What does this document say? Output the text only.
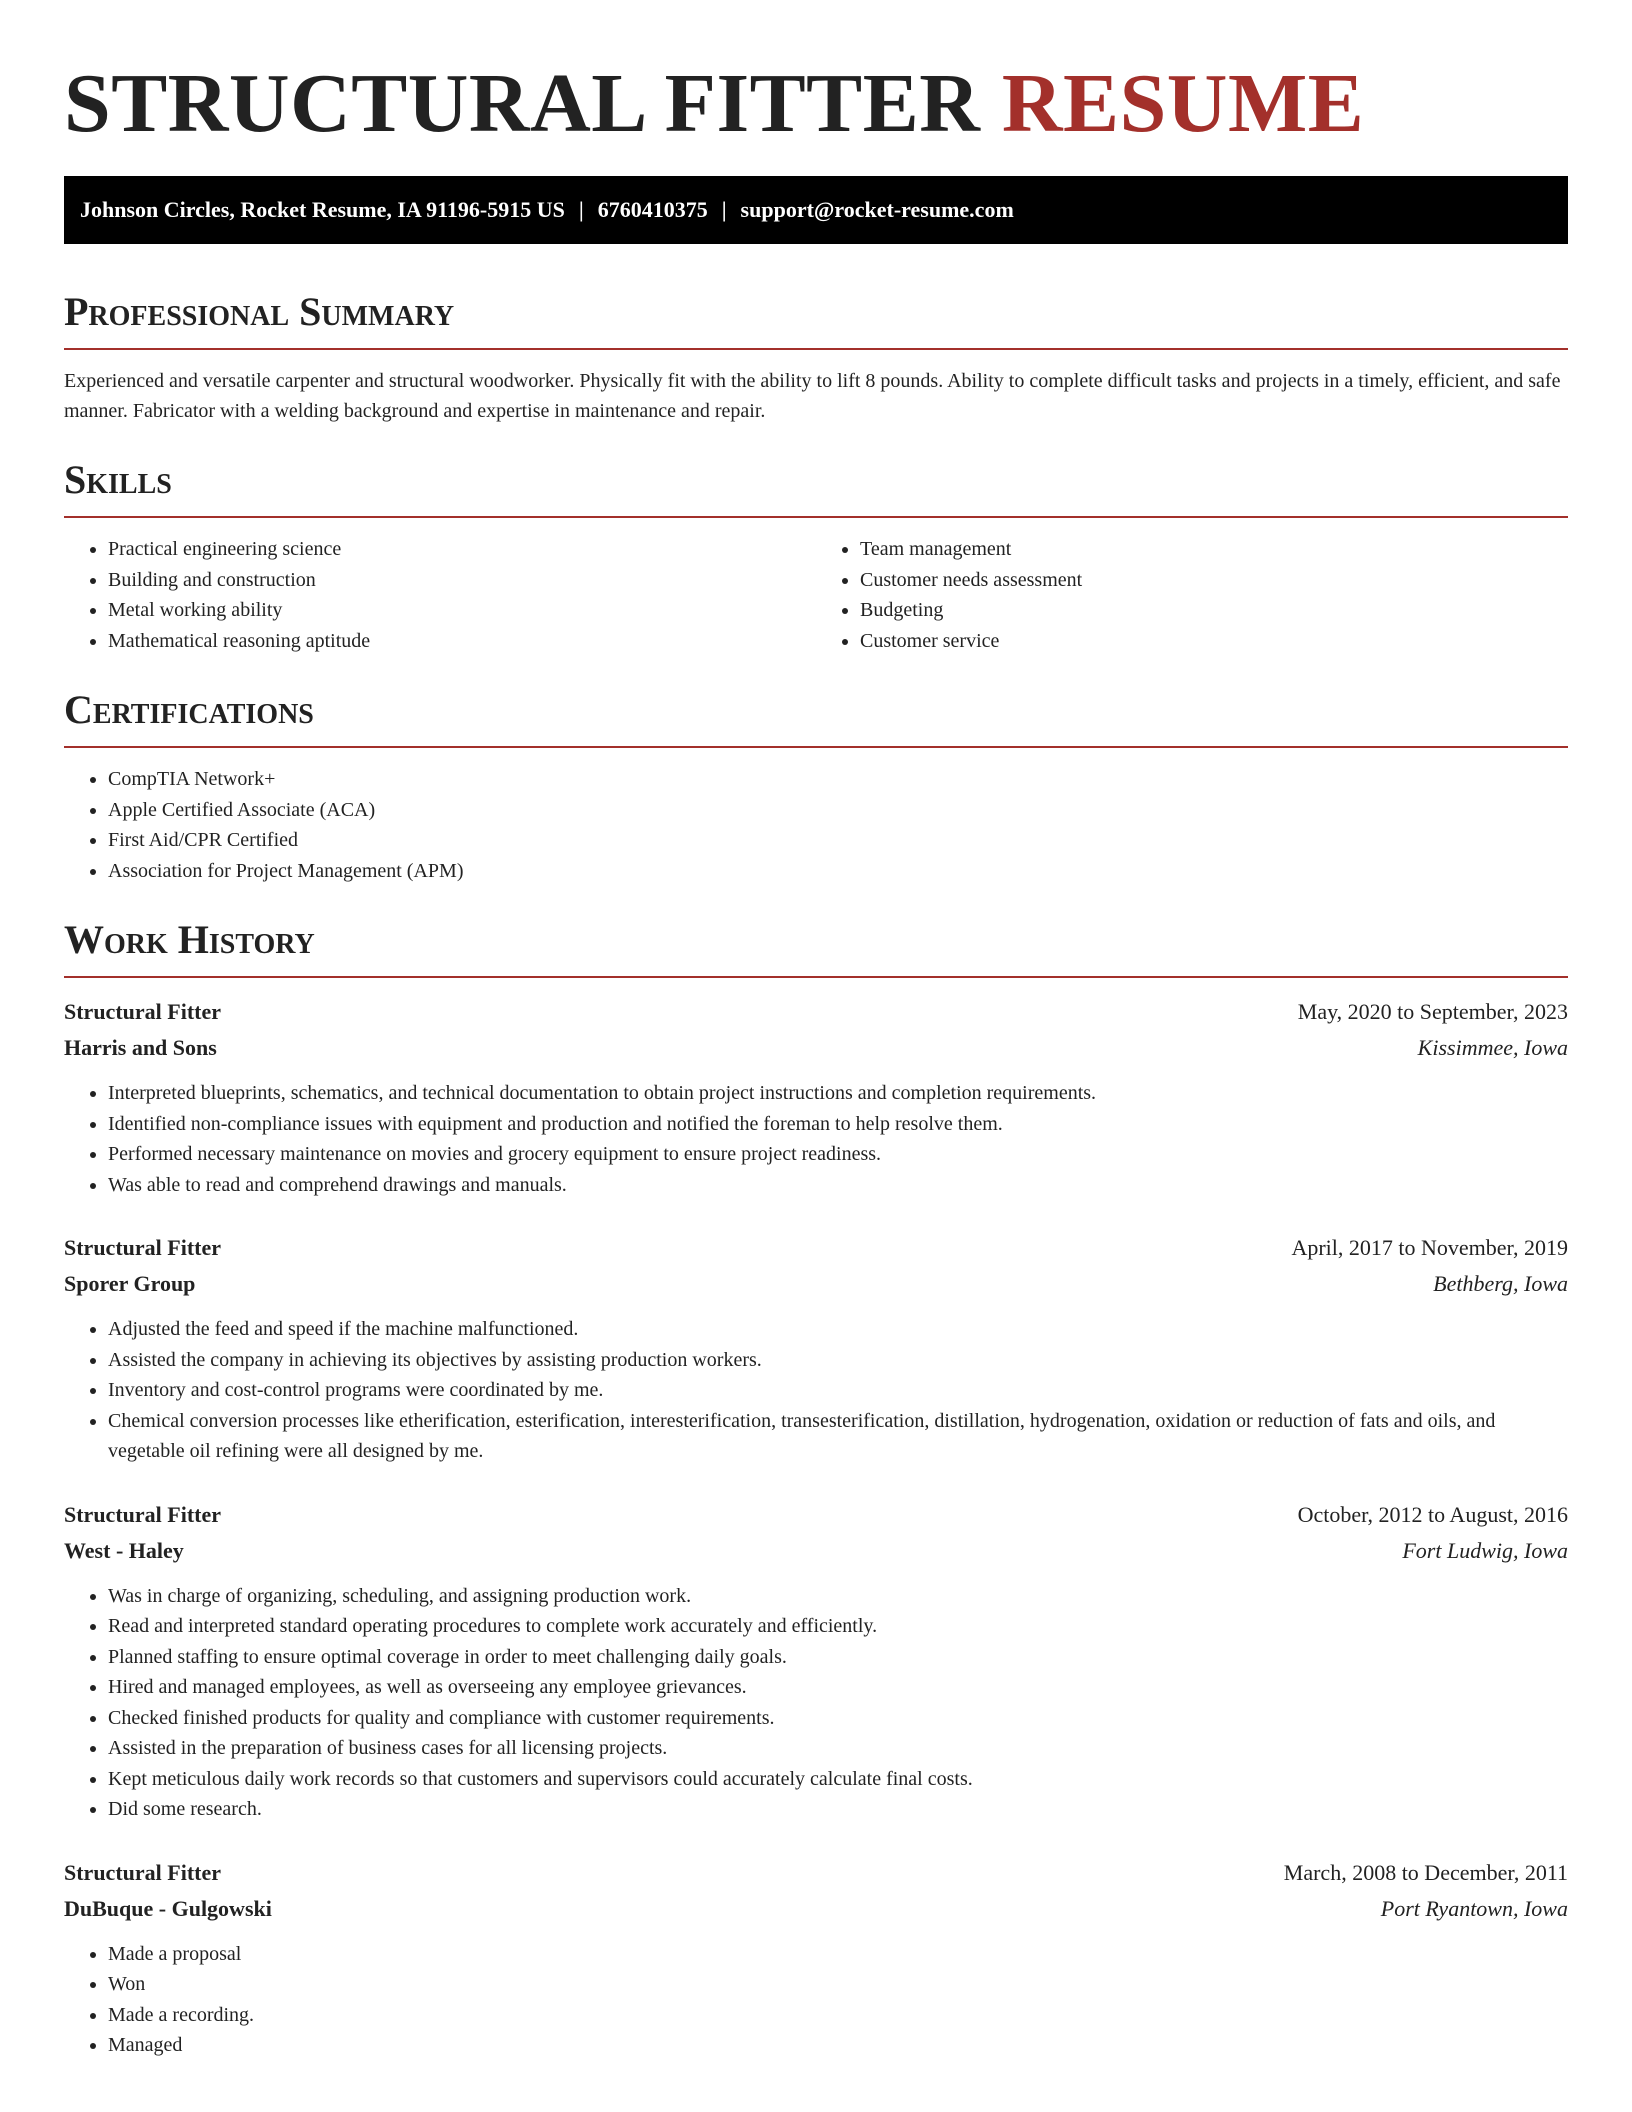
STRUCTURAL FITTER RESUME
Johnson Circles, Rocket Resume, IA 91196-5915 US | 6760410375 | support@rocket-resume.com
Professional Summary

Experienced and versatile carpenter and structural woodworker. Physically fit with the ability to lift 8 pounds. Ability to complete difficult tasks and projects in a timely, efficient, and safe manner. Fabricator with a welding background and expertise in maintenance and repair.

Skills
• Practical engineering science
• Building and construction
• Metal working ability
• Mathematical reasoning aptitude
• Team management
• Customer needs assessment
• Budgeting
• Customer service
Certifications
• CompTIA Network+
• Apple Certified Associate (ACA)
• First Aid/CPR Certified
• Association for Project Management (APM)
Work History
Structural Fitter	May, 2020 to September, 2023
Harris and Sons	Kissimmee, Iowa
• Interpreted blueprints, schematics, and technical documentation to obtain project instructions and completion requirements.
• Identified non-compliance issues with equipment and production and notified the foreman to help resolve them.
• Performed necessary maintenance on movies and grocery equipment to ensure project readiness.
• Was able to read and comprehend drawings and manuals.
Structural Fitter	April, 2017 to November, 2019
Sporer Group	Bethberg, Iowa
• Adjusted the feed and speed if the machine malfunctioned.
• Assisted the company in achieving its objectives by assisting production workers.
• Inventory and cost-control programs were coordinated by me.
• Chemical conversion processes like etherification, esterification, interesterification, transesterification, distillation, hydrogenation, oxidation or reduction of fats and oils, and vegetable oil refining were all designed by me.
Structural Fitter	October, 2012 to August, 2016
West - Haley	Fort Ludwig, Iowa
• Was in charge of organizing, scheduling, and assigning production work.
• Read and interpreted standard operating procedures to complete work accurately and efficiently.
• Planned staffing to ensure optimal coverage in order to meet challenging daily goals.
• Hired and managed employees, as well as overseeing any employee grievances.
• Checked finished products for quality and compliance with customer requirements.
• Assisted in the preparation of business cases for all licensing projects.
• Kept meticulous daily work records so that customers and supervisors could accurately calculate final costs.
• Did some research.
Structural Fitter	March, 2008 to December, 2011
DuBuque - Gulgowski	Port Ryantown, Iowa
• Made a proposal
• Won
• Made a recording.
• Managed
